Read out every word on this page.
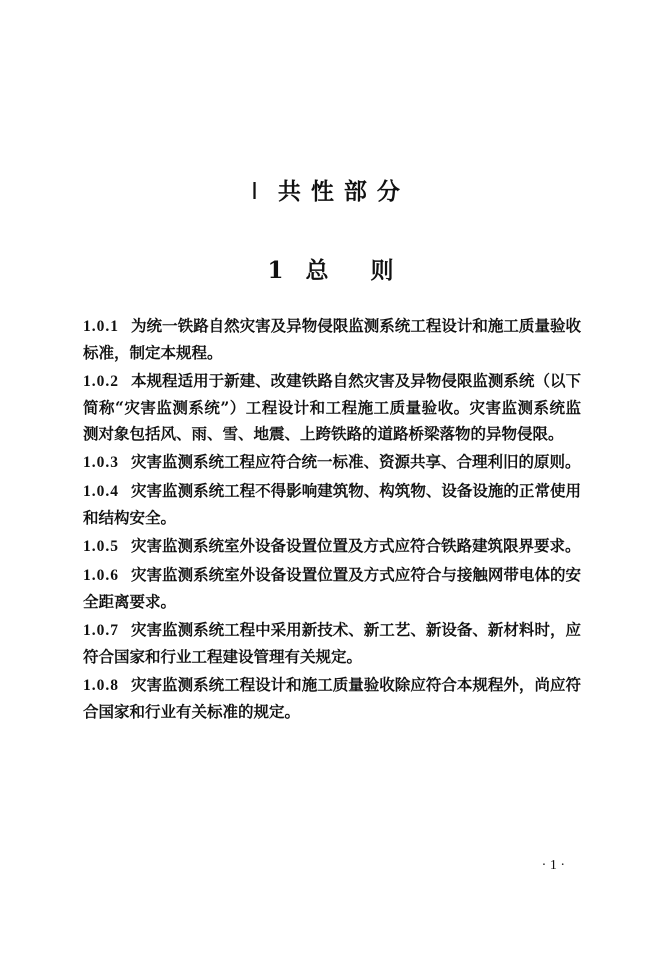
Ⅰ 共性部分
1 总 则

1.0.1 为统一铁路自然灾害及异物侵限监测系统工程设计和施工质量验收标准，制定本规程。

1.0.2 本规程适用于新建、改建铁路自然灾害及异物侵限监测系统（以下简称“灾害监测系统”）工程设计和工程施工质量验收。灾害监测系统监测对象包括风、雨、雪、地震、上跨铁路的道路桥梁落物的异物侵限。

1.0.3 灾害监测系统工程应符合统一标准、资源共享、合理利旧的原则。

1.0.4 灾害监测系统工程不得影响建筑物、构筑物、设备设施的正常使用和结构安全。

1.0.5 灾害监测系统室外设备设置位置及方式应符合铁路建筑限界要求。

1.0.6 灾害监测系统室外设备设置位置及方式应符合与接触网带电体的安全距离要求。

1.0.7 灾害监测系统工程中采用新技术、新工艺、新设备、新材料时，应符合国家和行业工程建设管理有关规定。

1.0.8 灾害监测系统工程设计和施工质量验收除应符合本规程外，尚应符合国家和行业有关标准的规定。

· 1 ·
